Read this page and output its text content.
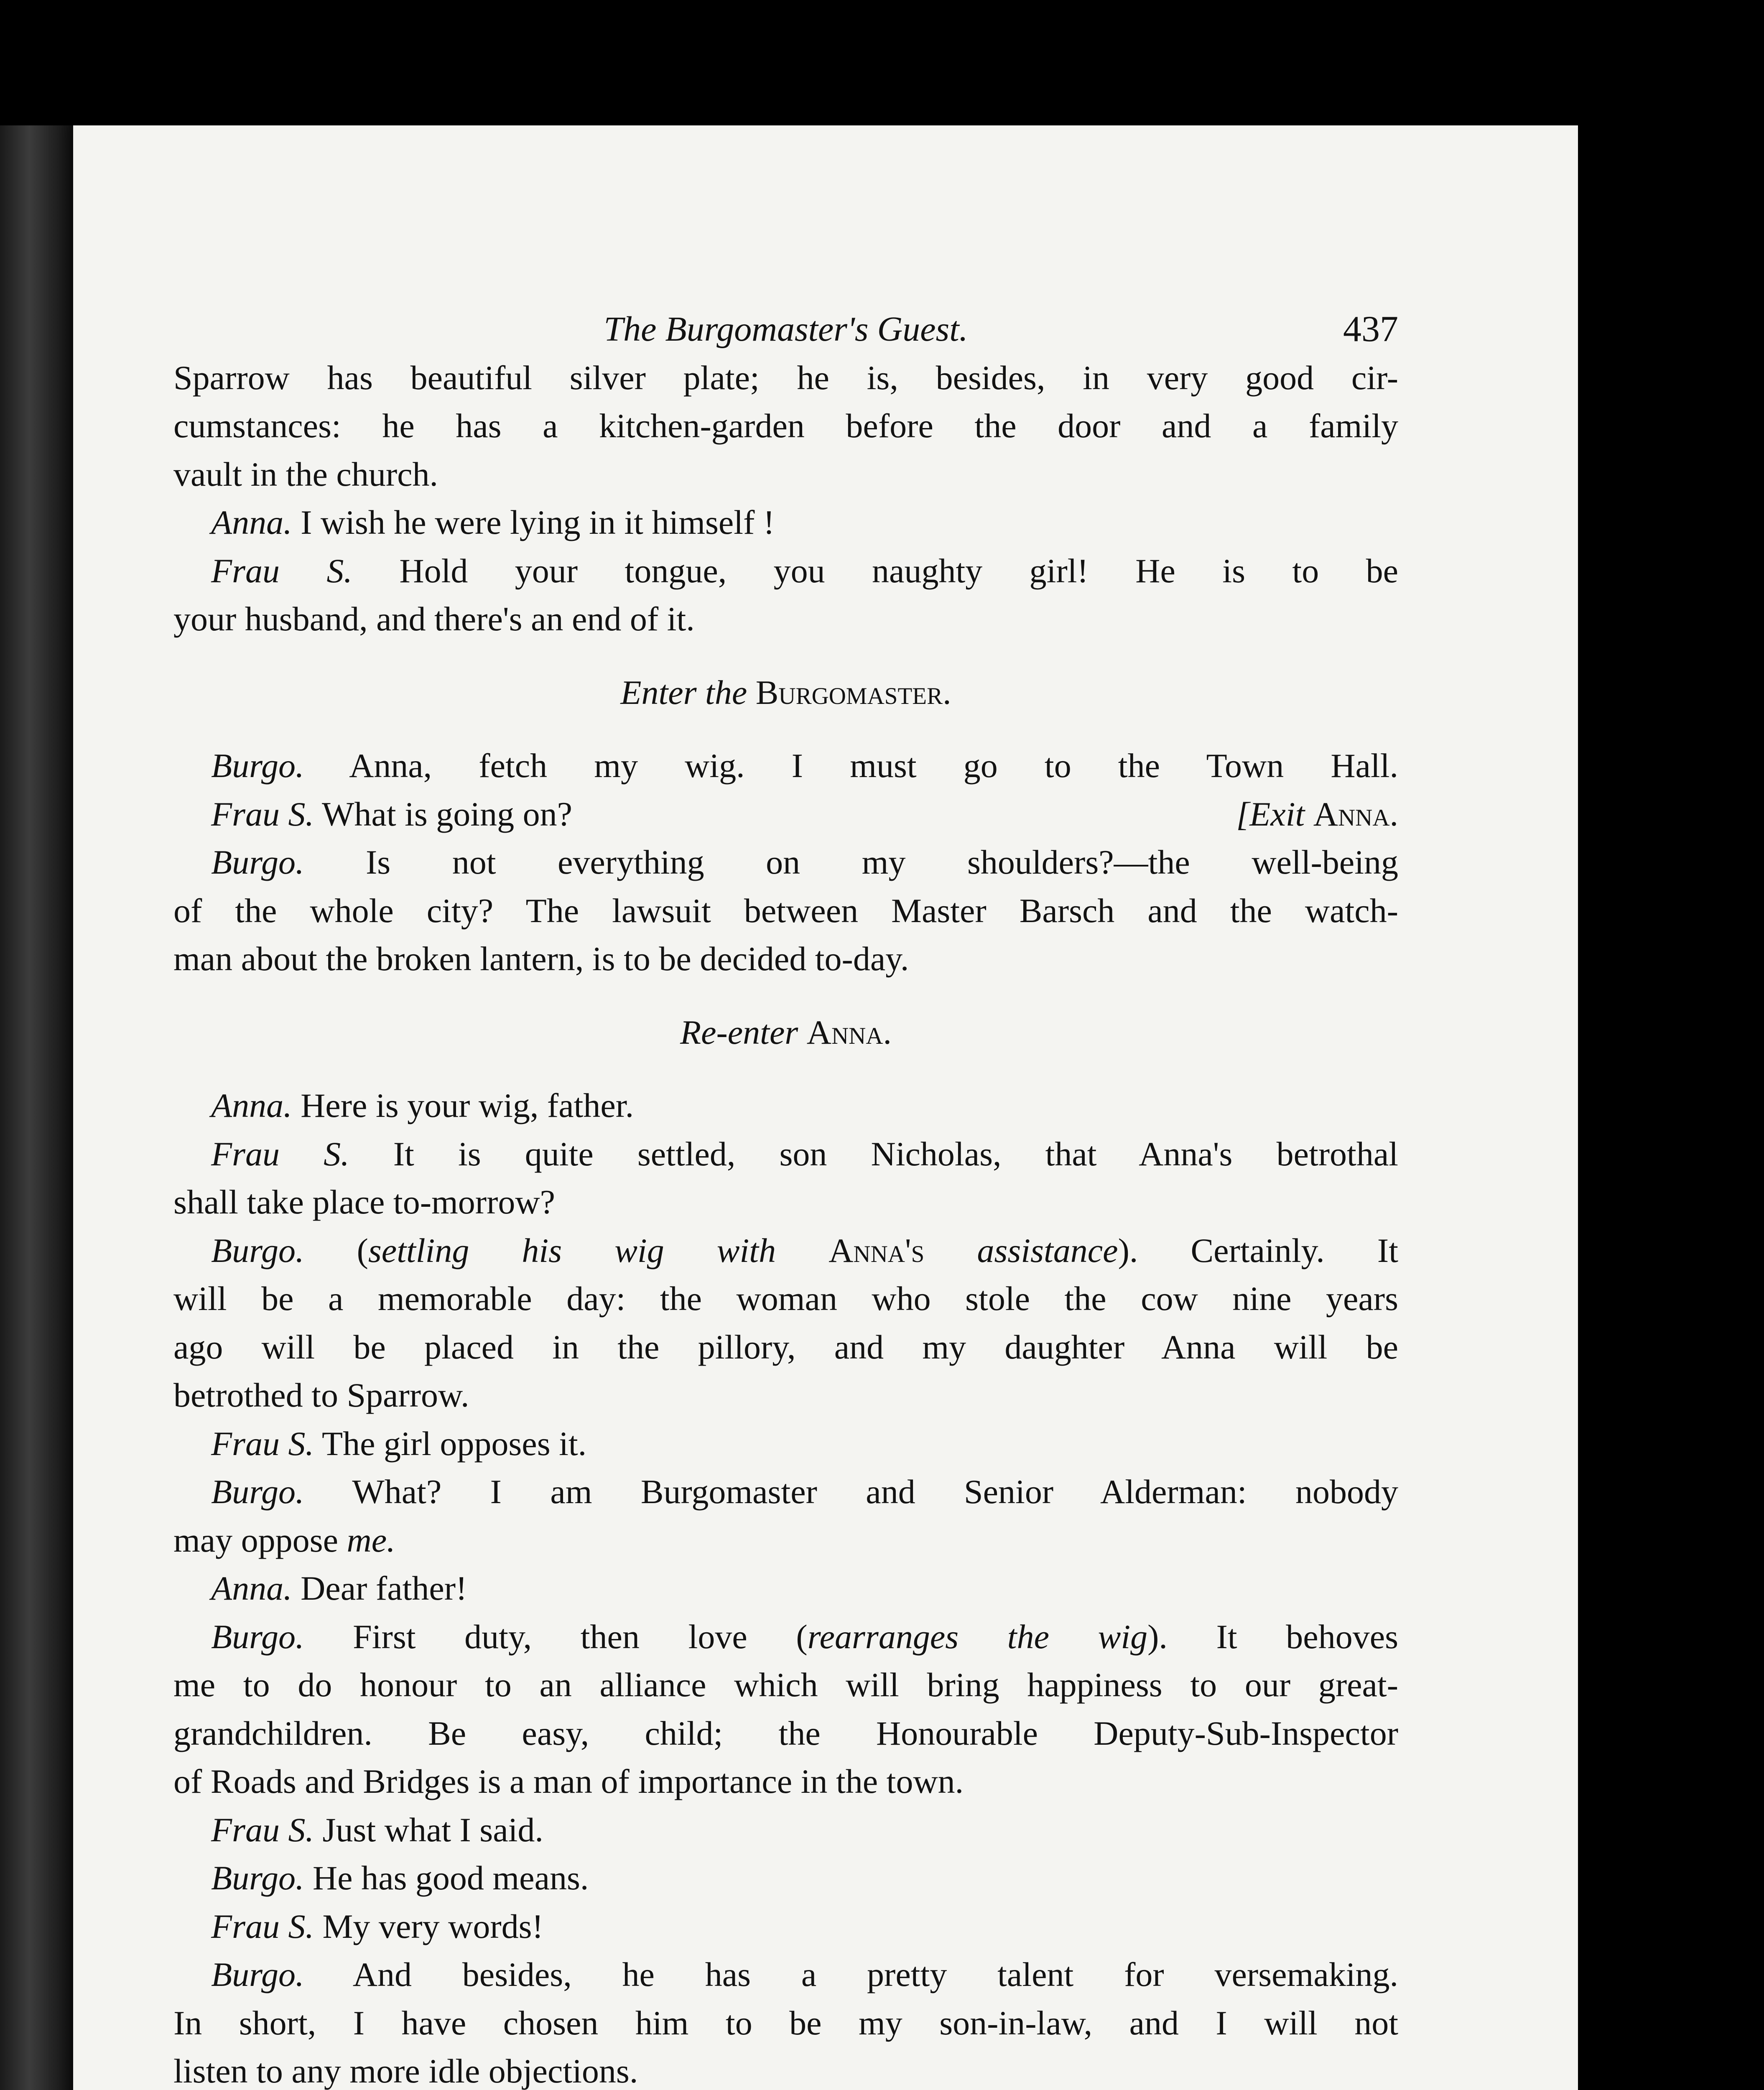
The Burgomaster's Guest.	437
Sparrow has beautiful silver plate; he is, besides, in very good cir-
cumstances: he has a kitchen-garden before the door and a family
vault in the church.
Anna. I wish he were lying in it himself !
Frau S. Hold your tongue, you naughty girl! He is to be
your husband, and there's an end of it.
Enter the Burgomaster.
Burgo. Anna, fetch my wig. I must go to the Town Hall.
Frau S. What is going on?	[Exit Anna.
Burgo. Is not everything on my shoulders?—the well-being
of the whole city? The lawsuit between Master Barsch and the watch-
man about the broken lantern, is to be decided to-day.
Re-enter Anna.
Anna. Here is your wig, father.
Frau S. It is quite settled, son Nicholas, that Anna's betrothal
shall take place to-morrow?
Burgo. (settling his wig with Anna's assistance). Certainly. It
will be a memorable day: the woman who stole the cow nine years
ago will be placed in the pillory, and my daughter Anna will be
betrothed to Sparrow.
Frau S. The girl opposes it.
Burgo. What? I am Burgomaster and Senior Alderman: nobody
may oppose me.
Anna. Dear father!
Burgo. First duty, then love (rearranges the wig). It behoves
me to do honour to an alliance which will bring happiness to our great-
grandchildren. Be easy, child; the Honourable Deputy-Sub-Inspector
of Roads and Bridges is a man of importance in the town.
Frau S. Just what I said.
Burgo. He has good means.
Frau S. My very words!
Burgo. And besides, he has a pretty talent for versemaking.
In short, I have chosen him to be my son-in-law, and I will not
listen to any more idle objections.
